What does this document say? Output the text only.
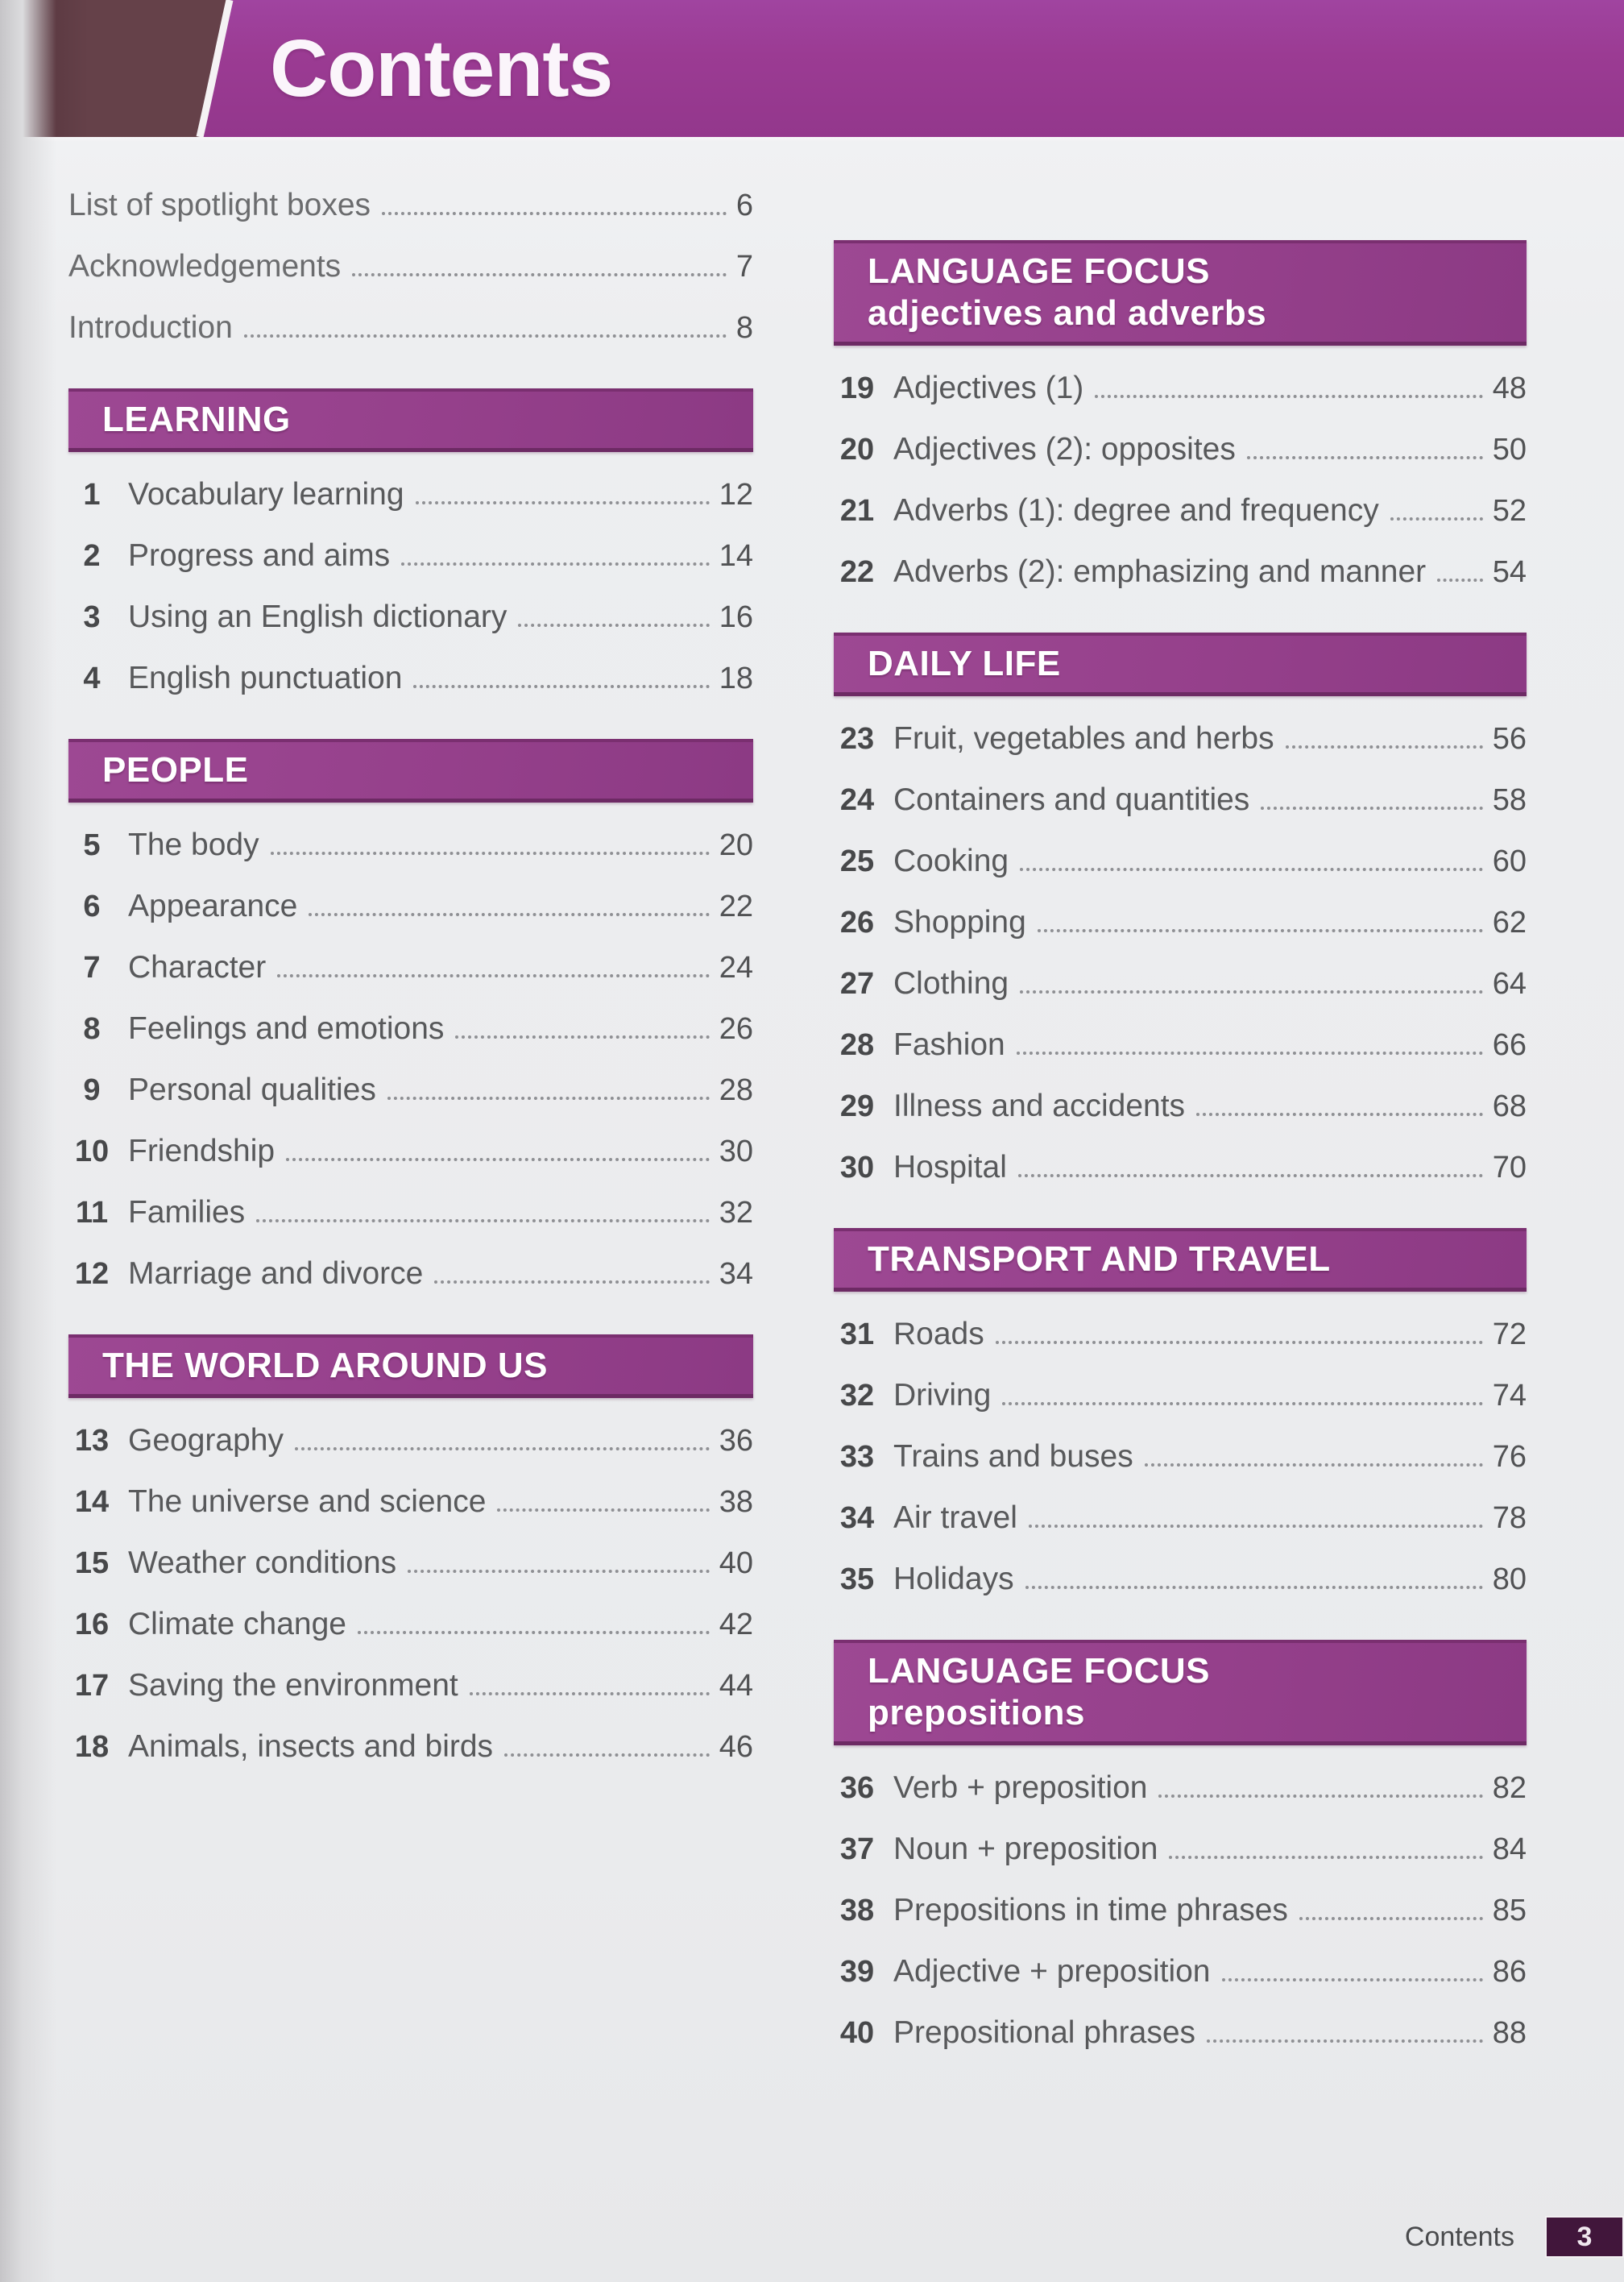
Contents
List of spotlight boxes	6
Acknowledgements	7
Introduction	8
LEARNING
1 Vocabulary learning	12
2 Progress and aims	14
3 Using an English dictionary	16
4 English punctuation	18
PEOPLE
5 The body	20
6 Appearance	22
7 Character	24
8 Feelings and emotions	26
9 Personal qualities	28
10 Friendship	30
11 Families	32
12 Marriage and divorce	34
THE WORLD AROUND US
13 Geography	36
14 The universe and science	38
15 Weather conditions	40
16 Climate change	42
17 Saving the environment	44
18 Animals, insects and birds	46
LANGUAGE FOCUS
adjectives and adverbs
19 Adjectives (1)	48
20 Adjectives (2): opposites	50
21 Adverbs (1): degree and frequency	52
22 Adverbs (2): emphasizing and manner 54
DAILY LIFE
23 Fruit, vegetables and herbs	56
24 Containers and quantities	58
25 Cooking	60
26 Shopping	62
27 Clothing	64
28 Fashion	66
29 Illness and accidents	68
30 Hospital	70
TRANSPORT AND TRAVEL
31 Roads	72
32 Driving	74
33 Trains and buses	76
34 Air travel	78
35 Holidays	80
LANGUAGE FOCUS
prepositions
36 Verb + preposition	82
37 Noun + preposition	84
38 Prepositions in time phrases	85
39 Adjective + preposition	86
40 Prepositional phrases	88
Contents	3
